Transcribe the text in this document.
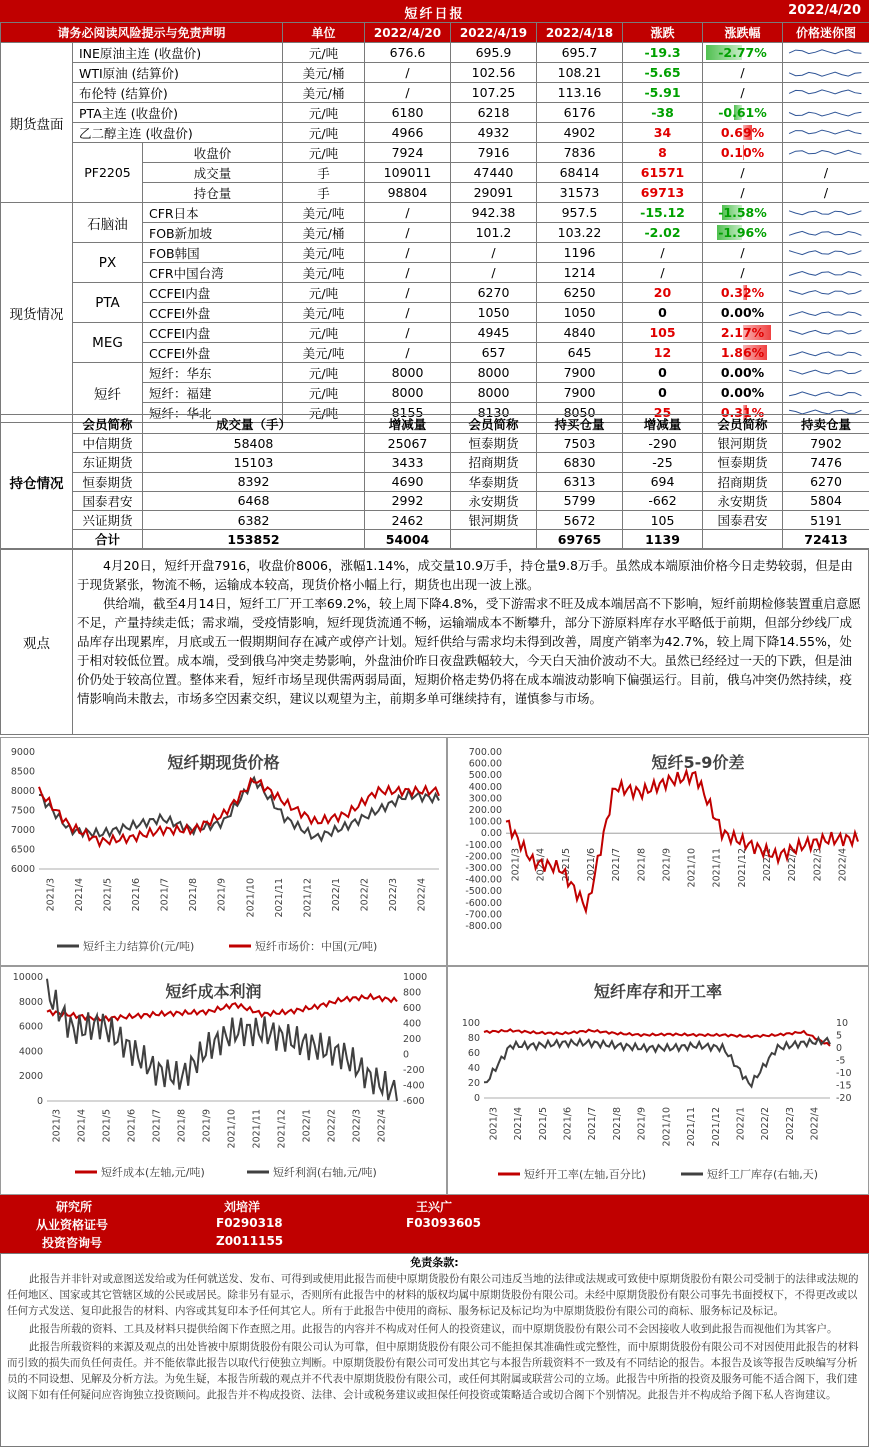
短纤日报	2022/4/20
请务必阅读风险提示与免责声明			单位	2022/4/20	2022/4/19	2022/4/18	涨跌	涨跌幅	价格迷你图
期货盘面	INE原油主连 (收盘价)		元/吨	676.6	695.9	695.7	-19.3	-2.77%	

	WTI原油 (结算价)		美元/桶	/	102.56	108.21	-5.65	/	

	布伦特 (结算价)		美元/桶	/	107.25	113.16	-5.91	/	

	PTA主连 (收盘价)		元/吨	6180	6218	6176	-38	-0.61%	

	乙二醇主连 (收盘价)		元/吨	4966	4932	4902	34	0.69%	

	PF2205	收盘价	元/吨	7924	7916	7836	8	0.10%	

		成交量	手	109011	47440	68414	61571	/	/
		持仓量	手	98804	29091	31573	69713	/	/
现货情况	石脑油	CFR日本	美元/吨	/	942.38	957.5	-15.12	-1.58%	

		FOB新加坡	美元/桶	/	101.2	103.22	-2.02	-1.96%	

	PX	FOB韩国	美元/吨	/	/	1196	/	/	

		CFR中国台湾	美元/吨	/	/	1214	/	/	

	PTA	CCFEI内盘	元/吨	/	6270	6250	20	0.32%	

		CCFEI外盘	美元/吨	/	1050	1050	0	0.00%	

	MEG	CCFEI内盘	元/吨	/	4945	4840	105	2.17%	

		CCFEI外盘	美元/吨	/	657	645	12	1.86%	

	短纤	短纤：华东	元/吨	8000	8000	7900	0	0.00%	

		短纤：福建	元/吨	8000	8000	7900	0	0.00%	

		短纤：华北	元/吨	8155	8130	8050	25	0.31%	
持仓情况	会员简称	成交量（手）	增减量	会员简称	持买仓量	增减量	会员简称	持卖仓量	
	中信期货	58408	25067	恒泰期货	7503	-290	银河期货	7902	
	东证期货	15103	3433	招商期货	6830	-25	恒泰期货	7476	
	恒泰期货	8392	4690	华泰期货	6313	694	招商期货	6270	
	国泰君安	6468	2992	永安期货	5799	-662	永安期货	5804	
	兴证期货	6382	2462	银河期货	5672	105	国泰君安	5191	
	合计	153852	54004		69765	1139		72413	
观点

4月20日，短纤开盘7916，收盘价8006，涨幅1.14%，成交量10.9万手，持仓量9.8万手。虽然成本端原油价格今日走势较弱，但是由于现货紧张，物流不畅，运输成本较高，现货价格小幅上行，期货也出现一波上涨。

供给端，截至4月14日，短纤工厂开工率69.2%，较上周下降4.8%，受下游需求不旺及成本端居高不下影响，短纤前期检修装置重启意愿不足，产量持续走低；需求端，受疫情影响，短纤现货流通不畅，运输端成本不断攀升，部分下游原料库存水平略低于前期，但部分纱线厂成品库存出现累库，月底或五一假期期间存在减产或停产计划。短纤供给与需求均未得到改善，周度产销率为42.7%，较上周下降14.55%，处于相对较低位置。成本端，受到俄乌冲突走势影响，外盘油价昨日夜盘跌幅较大，今天白天油价波动不大。虽然已经经过一天的下跌，但是油价仍处于较高位置。整体来看，短纤市场呈现供需两弱局面，短期价格走势仍将在成本端波动影响下偏强运行。目前，俄乌冲突仍然持续，疫情影响尚未散去，市场多空因素交织，建议以观望为主，前期多单可继续持有，谨慎参与市场。

短纤期现货价格
9000
8500
8000
7500
7000
6500
6000
2021/3 2021/4 2021/5 2021/6 2021/7 2021/8 2021/9 2021/10 2021/11 2021/12 2022/1 2022/2 2022/3 2022/4
短纤主力结算价(元/吨)	短纤市场价：中国(元/吨)
短纤5-9价差
700.00
600.00
500.00
400.00
300.00
200.00
100.00
0.00
-100.00
-200.00
-300.00
-400.00
-500.00
-600.00
-700.00
-800.00
2021/3 2021/4 2021/5 2021/6 2021/7 2021/8 2021/9 2021/10 2021/11 2021/12 2022/1 2022/2 2022/3 2022/4
短纤成本利润
10000
8000
6000
4000
2000
0
1000
800
600
400
200
0
-200
-400
-600
2021/3 2021/4 2021/5 2021/6 2021/7 2021/8 2021/9 2021/10 2021/11 2021/12 2022/1 2022/2 2022/3 2022/4
短纤成本(左轴,元/吨)	短纤利润(右轴,元/吨)
短纤库存和开工率
100
80
60
40
20
0
10
5
0
-5
-10
-15
-20
2021/3 2021/4 2021/5 2021/6 2021/7 2021/8 2021/9 2021/10 2021/11 2021/12 2022/1 2022/2 2022/3 2022/4
短纤开工率(左轴,百分比)	短纤工厂库存(右轴,天)
研究所	刘培洋	王兴广
从业资格证号	F0290318	F03093605
投资咨询号	Z0011155
免责条款:

此报告并非针对或意图送发给或为任何就送发、发布、可得到或使用此报告而使中原期货股份有限公司违反当地的法律或法规或可致使中原期货股份有限公司受制于的法律或法规的任何地区、国家或其它管辖区域的公民或居民。除非另有显示，否则所有此报告中的材料的版权均属中原期货股份有限公司。未经中原期货股份有限公司事先书面授权下，不得更改或以任何方式发送、复印此报告的材料、内容或其复印本予任何其它人。所有于此报告中使用的商标、服务标记及标记均为中原期货股份有限公司的商标、服务标记及标记。

此报告所载的资料、工具及材料只提供给阁下作查照之用。此报告的内容并不构成对任何人的投资建议，而中原期货股份有限公司不会因接收人收到此报告而视他们为其客户。

此报告所载资料的来源及观点的出处皆被中原期货股份有限公司认为可靠，但中原期货股份有限公司不能担保其准确性或完整性，而中原期货股份有限公司不对因使用此报告的材料而引致的损失而负任何责任。并不能依靠此报告以取代行使独立判断。中原期货股份有限公司可发出其它与本报告所载资料不一致及有不同结论的报告。本报告及该等报告反映编写分析员的不同设想、见解及分析方法。为免生疑，本报告所载的观点并不代表中原期货股份有限公司，或任何其附属或联营公司的立场。此报告中所指的投资及服务可能不适合阁下，我们建议阁下如有任何疑问应咨询独立投资顾问。此报告并不构成投资、法律、会计或税务建议或担保任何投资或策略适合或切合阁下个别情况。此报告并不构成给予阁下私人咨询建议。
